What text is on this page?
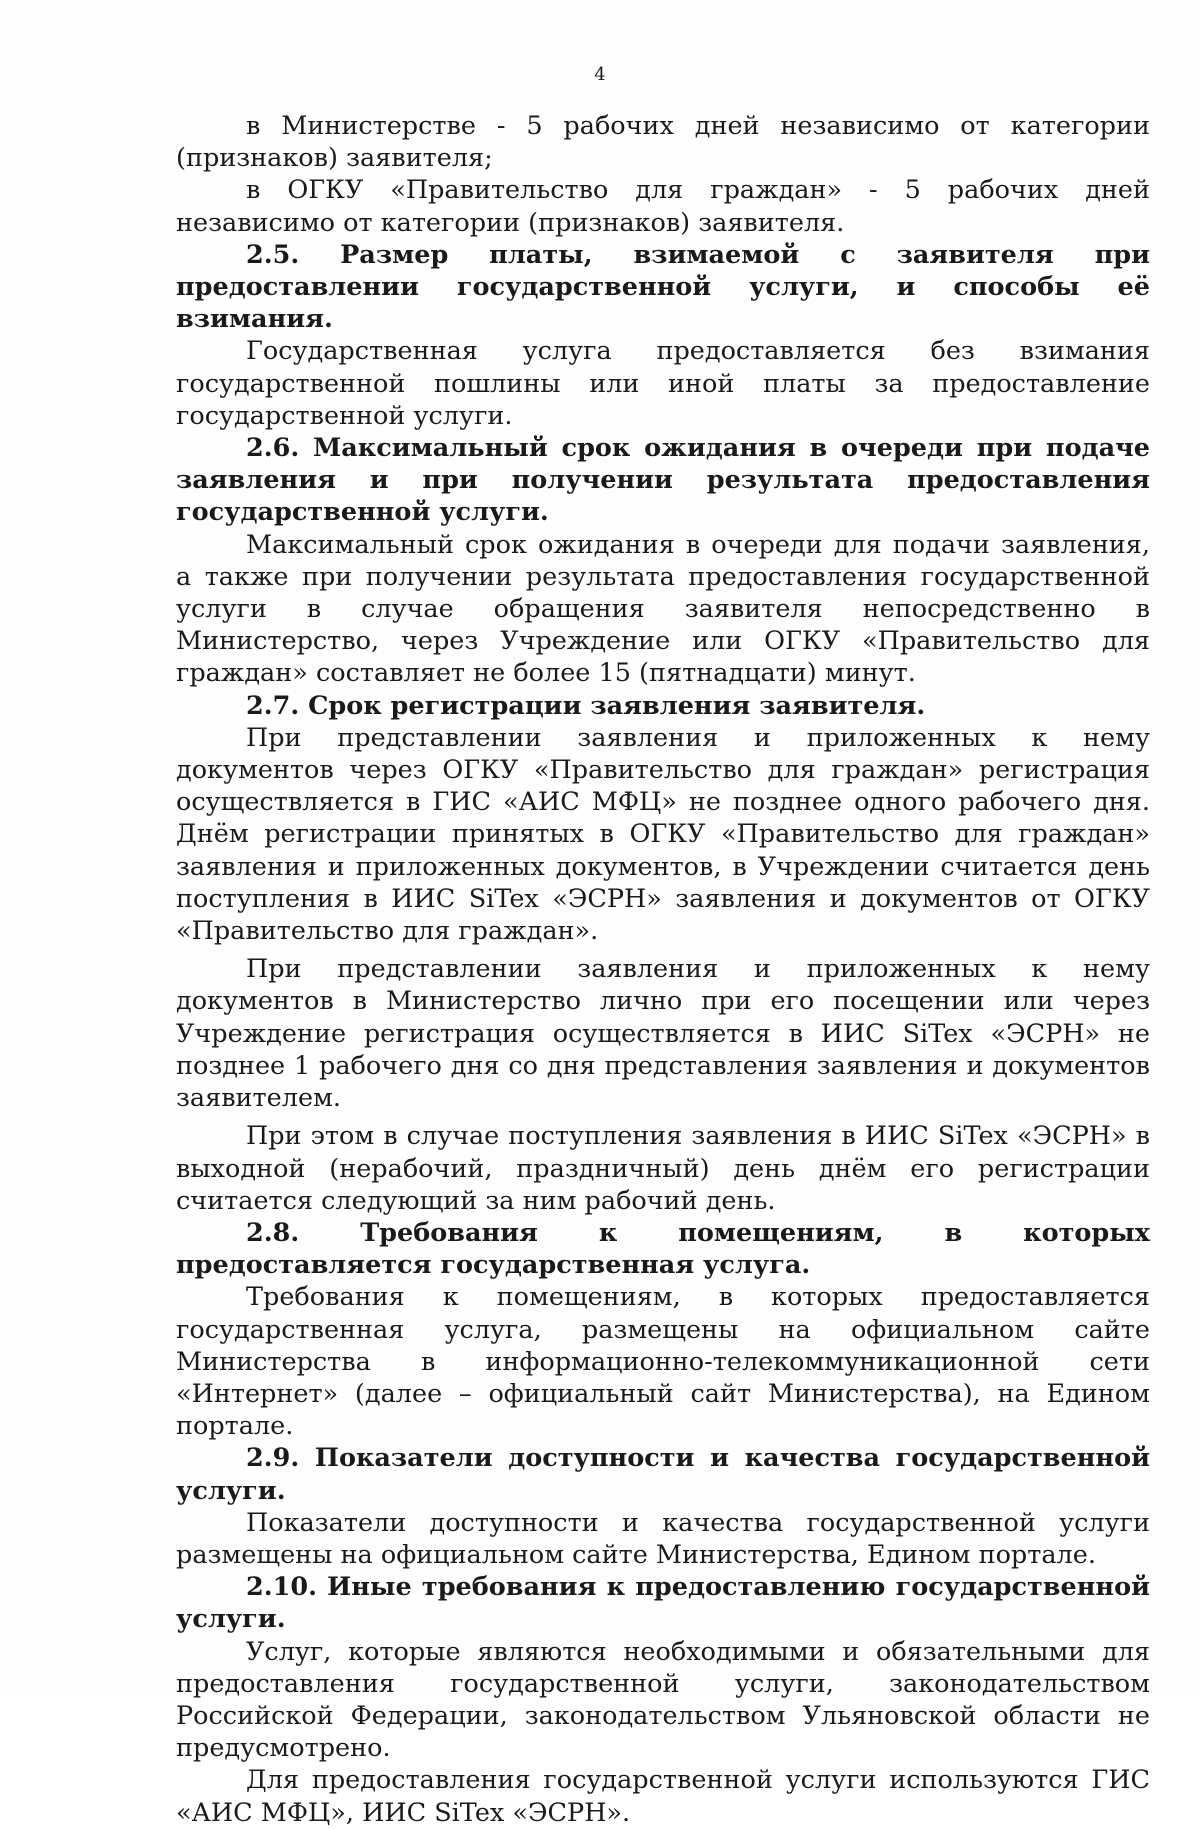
4

в Министерстве - 5 рабочих дней независимо от категории (признаков) заявителя;

в ОГКУ «Правительство для граждан» - 5 рабочих дней независимо от категории (признаков) заявителя.

2.5. Размер платы, взимаемой с заявителя при предоставлении государственной услуги, и способы её взимания.

Государственная услуга предоставляется без взимания государственной пошлины или иной платы за предоставление государственной услуги.

2.6. Максимальный срок ожидания в очереди при подаче заявления и при получении результата предоставления государственной услуги.

Максимальный срок ожидания в очереди для подачи заявления, а также при получении результата предоставления государственной услуги в случае обращения заявителя непосредственно в Министерство, через Учреждение или ОГКУ «Правительство для граждан» составляет не более 15 (пятнадцати) минут.

2.7. Срок регистрации заявления заявителя.

При представлении заявления и приложенных к нему документов через ОГКУ «Правительство для граждан» регистрация осуществляется в ГИС «АИС МФЦ» не позднее одного рабочего дня. Днём регистрации принятых в ОГКУ «Правительство для граждан» заявления и приложенных документов, в Учреждении считается день поступления в ИИС SiTex «ЭСРН» заявления и документов от ОГКУ «Правительство для граждан».

При представлении заявления и приложенных к нему документов в Министерство лично при его посещении или через Учреждение регистрация осуществляется в ИИС SiTex «ЭСРН» не позднее 1 рабочего дня со дня представления заявления и документов заявителем.

При этом в случае поступления заявления в ИИС SiTex «ЭСРН» в выходной (нерабочий, праздничный) день днём его регистрации считается следующий за ним рабочий день.

2.8. Требования к помещениям, в которых предоставляется государственная услуга.

Требования к помещениям, в которых предоставляется государственная услуга, размещены на официальном сайте Министерства в информационно-телекоммуникационной сети «Интернет» (далее – официальный сайт Министерства), на Едином портале.

2.9. Показатели доступности и качества государственной услуги.

Показатели доступности и качества государственной услуги размещены на официальном сайте Министерства, Едином портале.

2.10. Иные требования к предоставлению государственной услуги.

Услуг, которые являются необходимыми и обязательными для предоставления государственной услуги, законодательством Российской Федерации, законодательством Ульяновской области не предусмотрено.

Для предоставления государственной услуги используются ГИС «АИС МФЦ», ИИС SiTex «ЭСРН».
